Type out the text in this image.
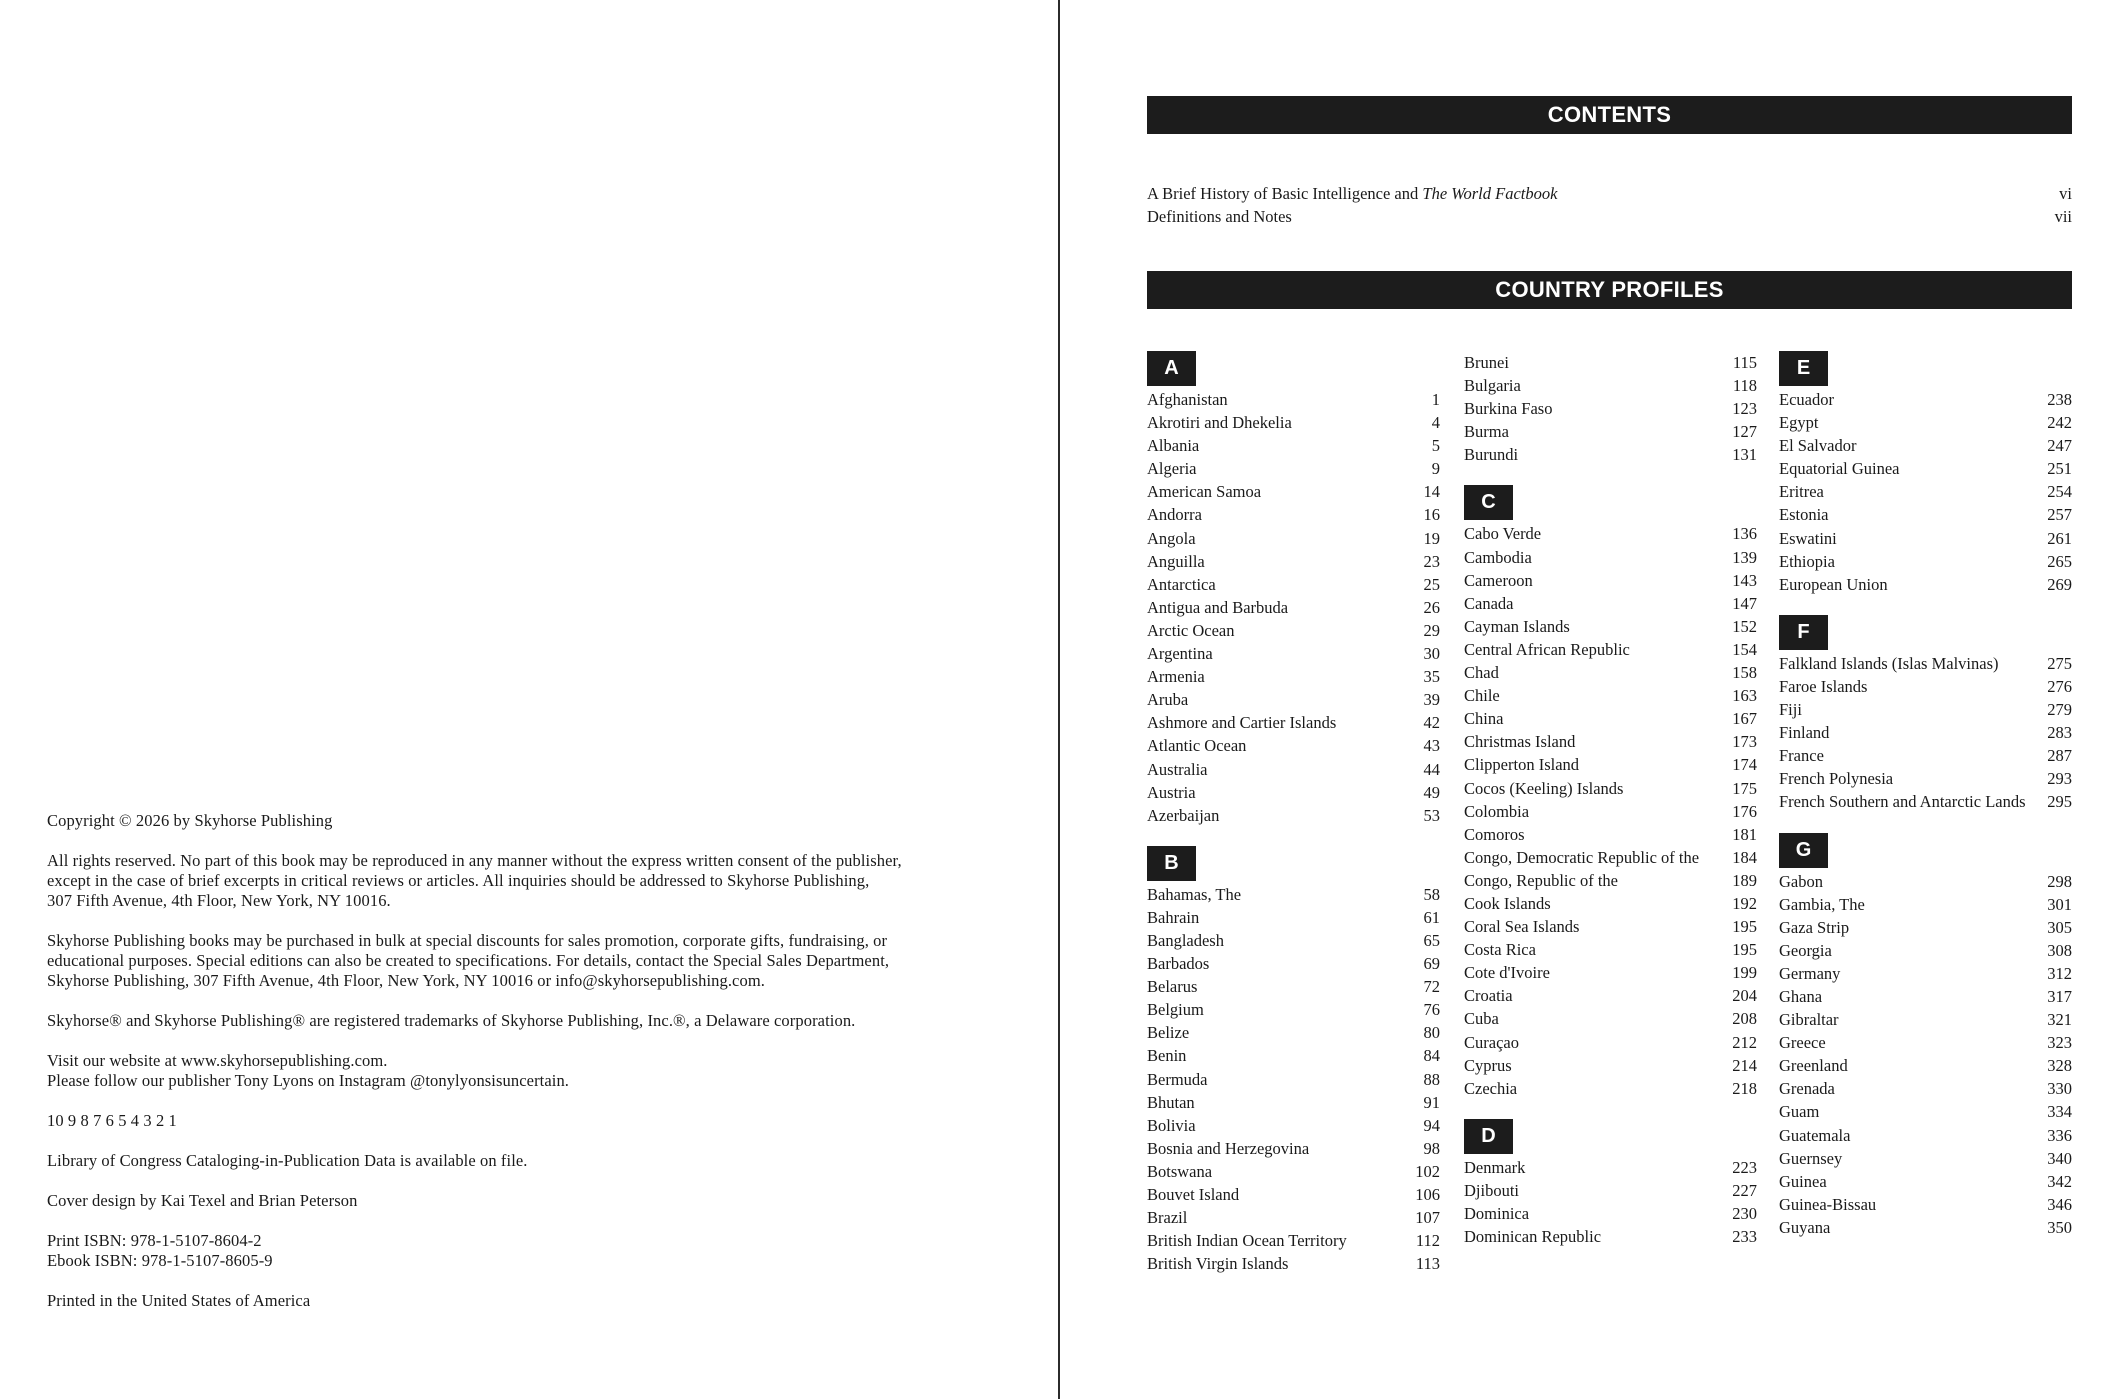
Copyright © 2026 by Skyhorse Publishing

All rights reserved. No part of this book may be reproduced in any manner without the express written consent of the publisher,
except in the case of brief excerpts in critical reviews or articles. All inquiries should be addressed to Skyhorse Publishing,
307 Fifth Avenue, 4th Floor, New York, NY 10016.

Skyhorse Publishing books may be purchased in bulk at special discounts for sales promotion, corporate gifts, fundraising, or
educational purposes. Special editions can also be created to specifications. For details, contact the Special Sales Department,
Skyhorse Publishing, 307 Fifth Avenue, 4th Floor, New York, NY 10016 or info@skyhorsepublishing.com.

Skyhorse® and Skyhorse Publishing® are registered trademarks of Skyhorse Publishing, Inc.®, a Delaware corporation.

Visit our website at www.skyhorsepublishing.com.
Please follow our publisher Tony Lyons on Instagram @tonylyonsisuncertain.

10 9 8 7 6 5 4 3 2 1

Library of Congress Cataloging-in-Publication Data is available on file.

Cover design by Kai Texel and Brian Peterson

Print ISBN: 978-1-5107-8604-2
Ebook ISBN: 978-1-5107-8605-9

Printed in the United States of America

CONTENTS
A Brief History of Basic Intelligence and The World Factbook	vi
Definitions and Notes	vii
COUNTRY PROFILES
A
Afghanistan	1
Akrotiri and Dhekelia	4
Albania	5
Algeria	9
American Samoa	14
Andorra	16
Angola	19
Anguilla	23
Antarctica	25
Antigua and Barbuda	26
Arctic Ocean	29
Argentina	30
Armenia	35
Aruba	39
Ashmore and Cartier Islands	42
Atlantic Ocean	43
Australia	44
Austria	49
Azerbaijan	53
B
Bahamas, The	58
Bahrain	61
Bangladesh	65
Barbados	69
Belarus	72
Belgium	76
Belize	80
Benin	84
Bermuda	88
Bhutan	91
Bolivia	94
Bosnia and Herzegovina	98
Botswana	102
Bouvet Island	106
Brazil	107
British Indian Ocean Territory	112
British Virgin Islands	113
Brunei	115
Bulgaria	118
Burkina Faso	123
Burma	127
Burundi	131
C
Cabo Verde	136
Cambodia	139
Cameroon	143
Canada	147
Cayman Islands	152
Central African Republic	154
Chad	158
Chile	163
China	167
Christmas Island	173
Clipperton Island	174
Cocos (Keeling) Islands	175
Colombia	176
Comoros	181
Congo, Democratic Republic of the 184
Congo, Republic of the	189
Cook Islands	192
Coral Sea Islands	195
Costa Rica	195
Cote d'Ivoire	199
Croatia	204
Cuba	208
Curaçao	212
Cyprus	214
Czechia	218
D
Denmark	223
Djibouti	227
Dominica	230
Dominican Republic	233
E
Ecuador	238
Egypt	242
El Salvador	247
Equatorial Guinea	251
Eritrea	254
Estonia	257
Eswatini	261
Ethiopia	265
European Union	269
F
Falkland Islands (Islas Malvinas)	275
Faroe Islands	276
Fiji	279
Finland	283
France	287
French Polynesia	293
French Southern and Antarctic Lands 295
G
Gabon	298
Gambia, The	301
Gaza Strip	305
Georgia	308
Germany	312
Ghana	317
Gibraltar	321
Greece	323
Greenland	328
Grenada	330
Guam	334
Guatemala	336
Guernsey	340
Guinea	342
Guinea-Bissau	346
Guyana	350
